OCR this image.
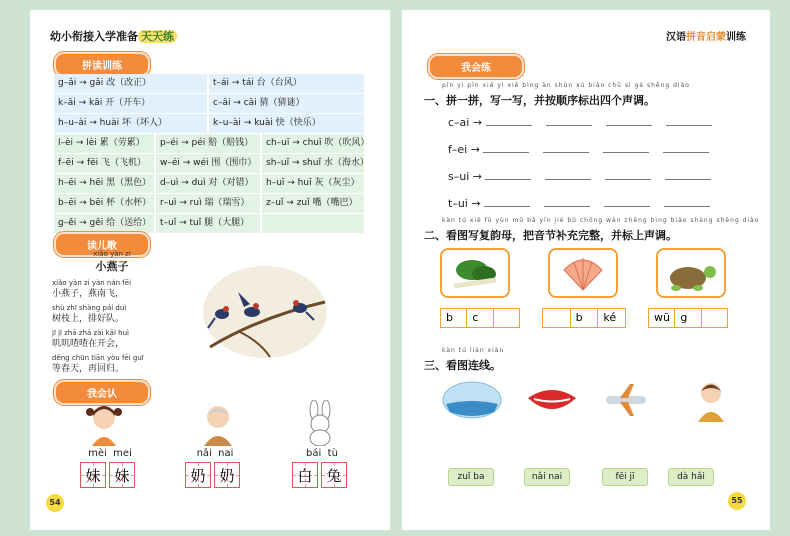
幼小衔接入学准备 天天练
拼读训练
g–ǎi → gǎi 改（改正）	t–ái → tái 台（台风）
k–āi → kāi 开（开车）	c–āi → cāi 猜（猜谜）
h–u–ài → huài 坏（坏人）	k–u–ài → kuài 快（快乐）
l–èi → lèi 累（劳累）	p–éi → péi 赔（赔钱）	ch–uī → chuī 吹（吹风）
f–ēi → fēi 飞（飞机）	w–éi → wéi 围（围巾）	sh–uǐ → shuǐ 水（海水）
h–ēi → hēi 黑（黑色） d–uì → duì 对（对错）	h–uī → huī 灰（灰尘）
b–ēi → bēi 杯（水杯） r–uì → ruì 瑞（瑞雪）	z–uǐ → zuǐ 嘴（嘴巴）
g–ěi → gěi 给（送给） t–uǐ → tuǐ 腿（大腿）
读儿歌
xiǎo yàn zi
小燕子
xiǎo yàn zi yàn nán fēi
小燕子，燕南飞，
shù zhī shàng pái duì
树枝上，排好队。
jī jī zhā zhā zài kāi huì
叽叽喳喳在开会，
děng chūn tiān yòu fēi guī
等春天，再回归。
我会认
mèi mei
妹 妹
nǎi nai
奶 奶
bái tù
白 兔
54
汉语拼音启蒙训练
我会练
pīn yì pīn xiě yì xiě bìng àn shùn xù biāo chū sì gè shēng diào
一、拼一拼，写一写，并按顺序标出四个声调。
c–ai →
f–ei →
s–ui →
t–ui →
kàn tú xiě fù yùn mǔ bǎ yīn jié bǔ chōng wán zhěng bìng biāo shàng shēng diào
二、看图写复韵母，把音节补充完整，并标上声调。
b	c	b	ké	wū g
kàn tú lián xiàn
三、看图连线。
zuǐ ba	nǎi nai	fēi jī	dà hǎi
55
